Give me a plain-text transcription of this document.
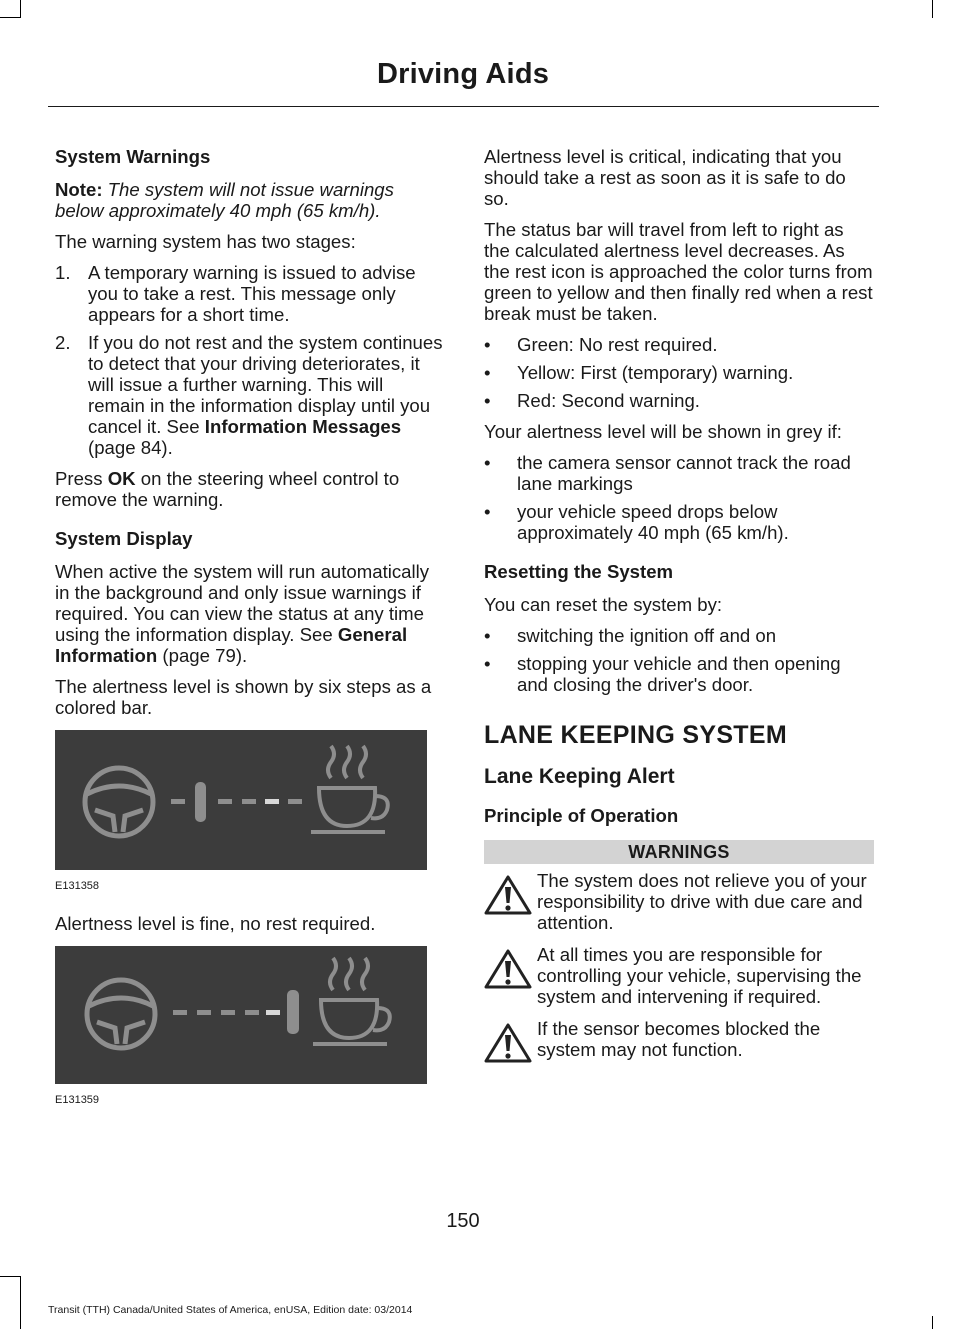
Driving Aids
System Warnings

Note: The system will not issue warnings below approximately 40 mph (65 km/h).

The warning system has two stages:

1. A temporary warning is issued to advise you to take a rest. This message only appears for a short time.
2. If you do not rest and the system continues to detect that your driving deteriorates, it will issue a further warning. This will remain in the information display until you cancel it. See Information Messages (page 84).

Press OK on the steering wheel control to remove the warning.

System Display

When active the system will run automatically in the background and only issue warnings if required. You can view the status at any time using the information display. See General Information (page 79).

The alertness level is shown by six steps as a colored bar.

E131358

Alertness level is fine, no rest required.

E131359

Alertness level is critical, indicating that you should take a rest as soon as it is safe to do so.

The status bar will travel from left to right as the calculated alertness level decreases. As the rest icon is approached the color turns from green to yellow and then finally red when a rest break must be taken.

• Green: No rest required.
• Yellow: First (temporary) warning.
• Red: Second warning.

Your alertness level will be shown in grey if:

• the camera sensor cannot track the road lane markings
• your vehicle speed drops below approximately 40 mph (65 km/h).
Resetting the System

You can reset the system by:

• switching the ignition off and on
• stopping your vehicle and then opening and closing the driver's door.
LANE KEEPING SYSTEM
Lane Keeping Alert
Principle of Operation
WARNINGS
The system does not relieve you of your responsibility to drive with due care and attention.
At all times you are responsible for controlling your vehicle, supervising the system and intervening if required.
If the sensor becomes blocked the system may not function.
150
Transit (TTH) Canada/United States of America, enUSA, Edition date: 03/2014
